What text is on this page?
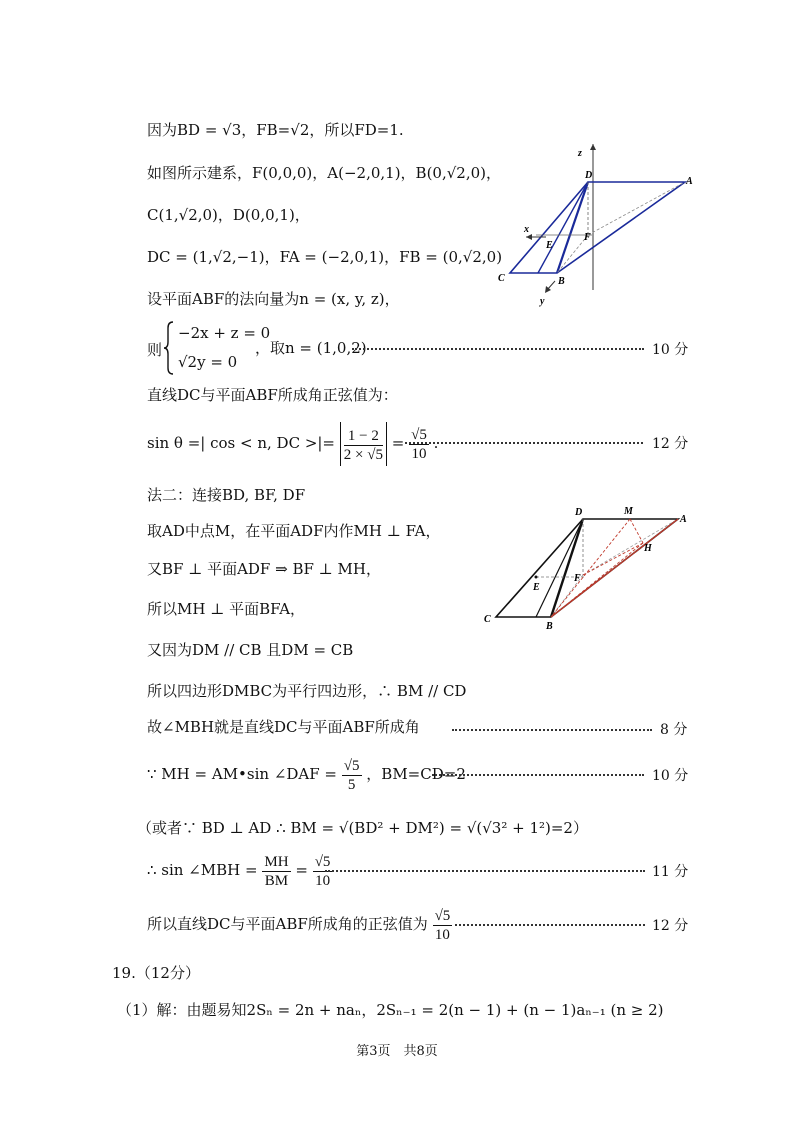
因为BD = √3，FB=√2，所以FD=1.
如图所示建系，F(0,0,0)，A(−2,0,1)，B(0,√2,0)，
C(1,√2,0)，D(0,0,1)，
DC = (1,√2,−1)，FA = (−2,0,1)，FB = (0,√2,0)
设平面ABF的法向量为n = (x, y, z)，
则
−2x + z = 0
√2y = 0
，取n = (1,0,2)	10 分
直线DC与平面ABF所成角正弦值为：
sin θ =| cos < n, DC >|= $\frac{1 - 2}{2 \times √5} = \frac{√5}{10}$ .	12 分
法二：连接BD, BF, DF
取AD中点M，在平面ADF内作MH ⊥ FA，
又BF ⊥ 平面ADF ⇒ BF ⊥ MH，
所以MH ⊥ 平面BFA，
又因为DM // CB 且DM = CB
所以四边形DMBC为平行四边形，∴ BM // CD
故∠MBH就是直线DC与平面ABF所成角	8 分
∵ MH = AM•sin ∠DAF = $\frac{√5}{5}$ ，BM=CD=2	10 分
（或者∵ BD ⊥ AD ∴ BM = √(BD² + DM²) = √(√3² + 1²)=2）
∴ sin ∠MBH = $\frac{MH}{BM} = \frac{√5}{10}$	11 分
所以直线DC与平面ABF所成角的正弦值为 $\frac{√5}{10}$	12 分
19.（12分）
（1）解：由题易知2Sₙ = 2n + naₙ，2Sₙ₋₁ = 2(n − 1) + (n − 1)aₙ₋₁ (n ≥ 2)
第3页　共8页
z
D
A
x
E
F
C	B
y
D	M
A
H
E
F
C
B
